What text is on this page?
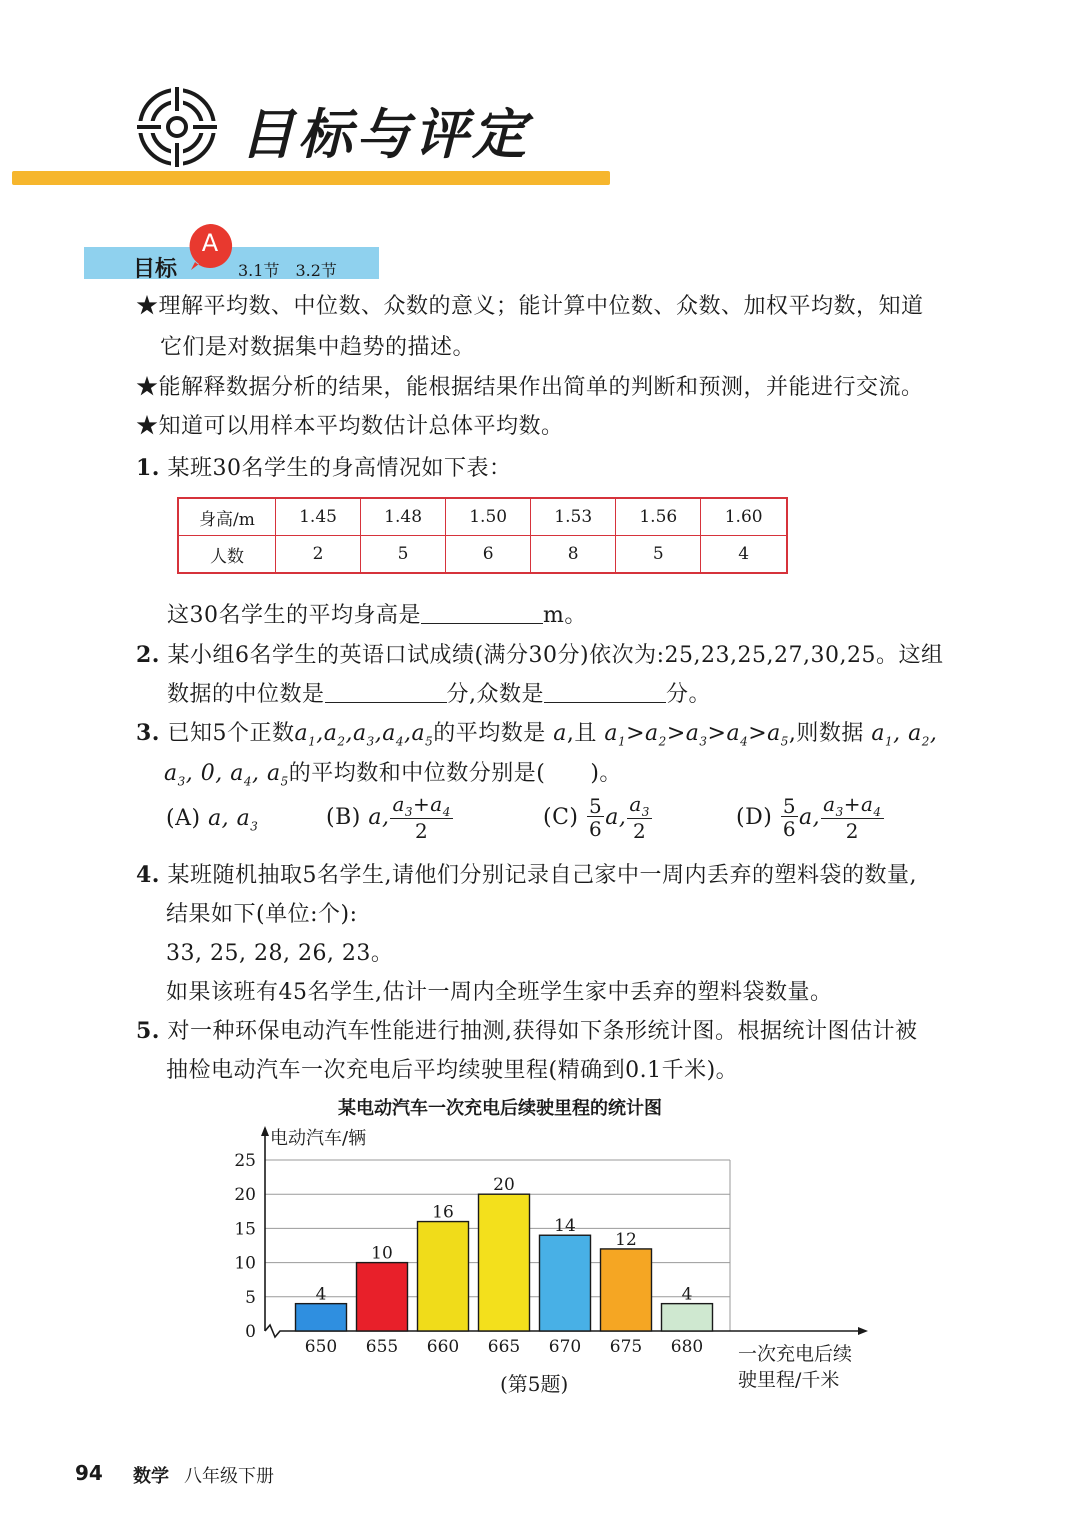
目标与评定
目标
A
3.1节　3.2节
★理解平均数、中位数、众数的意义；能计算中位数、众数、加权平均数，知道
它们是对数据集中趋势的描述。
★能解释数据分析的结果，能根据结果作出简单的判断和预测，并能进行交流。
★知道可以用样本平均数估计总体平均数。
1. 某班30名学生的身高情况如下表：
身高/m	1.45	1.48	1.50	1.53	1.56	1.60
人数	2	5	6	8	5	4
这30名学生的平均身高是	m。
2. 某小组6名学生的英语口试成绩(满分30分)依次为:25,23,25,27,30,25。这组
数据的中位数是	分,众数是	分。
3. 已知5个正数$a_1,a_2,a_3,a_4,a_5$的平均数是 a,且 $a_1>a_2>a_3>a_4>a_5$,则数据 $a_1$, $a_2$,
$a_3$, 0, $a_4$, $a_5$的平均数和中位数分别是(　　)。
(A) a, $a_3$	(B) a, $\frac{a_3+a_4}{2}$	$(C) \frac{5}{6} a$, $\frac{a_3}{2}$	$(D) \frac{5}{6} a$, $\frac{a_3+a_4}{2}$
4. 某班随机抽取5名学生,请他们分别记录自己家中一周内丢弃的塑料袋的数量,
结果如下(单位:个):
33, 25, 28, 26, 23。
如果该班有45名学生,估计一周内全班学生家中丢弃的塑料袋数量。
5. 对一种环保电动汽车性能进行抽测,获得如下条形统计图。根据统计图估计被
抽检电动汽车一次充电后平均续驶里程(精确到0.1千米)。
某电动汽车一次充电后续驶里程的统计图
电动汽车/辆
0
5
10
15
20
25
4
650
10
655
16
660
20
665
14
670
12
675
4
680 一次充电后续
驶里程/千米
(第5题)
94 数学 八年级下册
